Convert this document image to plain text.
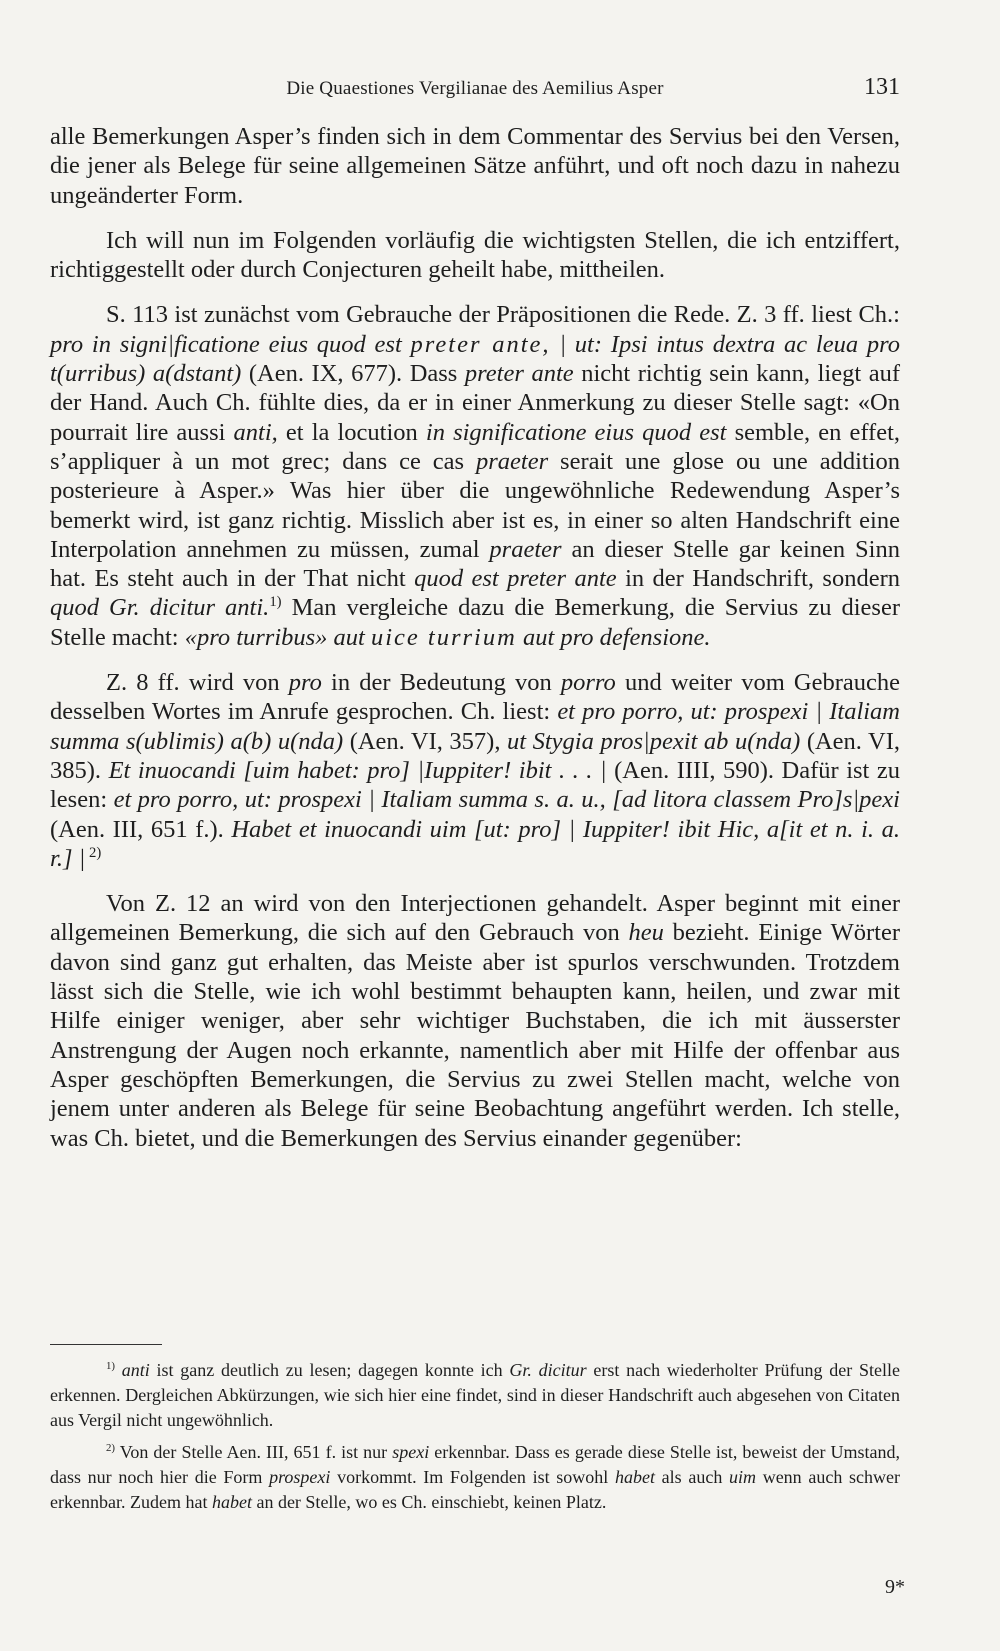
Die Quaestiones Vergilianae des Aemilius Asper	131

alle Bemerkungen Asper’s finden sich in dem Commentar des Servius bei den Versen, die jener als Belege für seine allgemeinen Sätze anführt, und oft noch dazu in nahezu ungeänderter Form.

Ich will nun im Folgenden vorläufig die wichtigsten Stellen, die ich entziffert, richtiggestellt oder durch Conjecturen geheilt habe, mittheilen.

S. 113 ist zunächst vom Gebrauche der Präpositionen die Rede. Z. 3 ff. liest Ch.: pro in signi|ficatione eius quod est preter ante, | ut: Ipsi intus dextra ac leua pro t(urribus) a(dstant) (Aen. IX, 677). Dass preter ante nicht richtig sein kann, liegt auf der Hand. Auch Ch. fühlte dies, da er in einer Anmerkung zu dieser Stelle sagt: «On pourrait lire aussi anti, et la locution in significatione eius quod est semble, en effet, s’appliquer à un mot grec; dans ce cas praeter serait une glose ou une addition posterieure à Asper.» Was hier über die ungewöhnliche Redewendung Asper’s bemerkt wird, ist ganz richtig. Misslich aber ist es, in einer so alten Handschrift eine Interpolation annehmen zu müssen, zumal praeter an dieser Stelle gar keinen Sinn hat. Es steht auch in der That nicht quod est preter ante in der Handschrift, sondern quod Gr. dicitur anti.$^{1)}$ Man vergleiche dazu die Bemerkung, die Servius zu dieser Stelle macht: «pro turribus» aut uice turrium aut pro defensione.

Z. 8 ff. wird von pro in der Bedeutung von porro und weiter vom Gebrauche desselben Wortes im Anrufe gesprochen. Ch. liest: et pro porro, ut: prospexi | Italiam summa s(ublimis) a(b) u(nda) (Aen. VI, 357), ut Stygia pros|pexit ab u(nda) (Aen. VI, 385). Et inuocandi [uim habet: pro] |Iuppiter! ibit . . . | (Aen. IIII, 590). Dafür ist zu lesen: et pro porro, ut: prospexi | Italiam summa s. a. u., [ad litora classem Pro]s|pexi (Aen. III, 651 f.). Habet et inuocandi uim [ut: pro] | Iuppiter! ibit Hic, a[it et n. i. a. r.] | $^{2)}$

Von Z. 12 an wird von den Interjectionen gehandelt. Asper beginnt mit einer allgemeinen Bemerkung, die sich auf den Gebrauch von heu bezieht. Einige Wörter davon sind ganz gut erhalten, das Meiste aber ist spurlos verschwunden. Trotzdem lässt sich die Stelle, wie ich wohl bestimmt behaupten kann, heilen, und zwar mit Hilfe einiger weniger, aber sehr wichtiger Buchstaben, die ich mit äusserster Anstrengung der Augen noch erkannte, namentlich aber mit Hilfe der offenbar aus Asper geschöpften Bemerkungen, die Servius zu zwei Stellen macht, welche von jenem unter anderen als Belege für seine Beobachtung angeführt werden. Ich stelle, was Ch. bietet, und die Bemerkungen des Servius einander gegenüber:

$^{1)}$ anti ist ganz deutlich zu lesen; dagegen konnte ich Gr. dicitur erst nach wiederholter Prüfung der Stelle erkennen. Dergleichen Abkürzungen, wie sich hier eine findet, sind in dieser Handschrift auch abgesehen von Citaten aus Vergil nicht ungewöhnlich.

$^{2)}$ Von der Stelle Aen. III, 651 f. ist nur spexi erkennbar. Dass es gerade diese Stelle ist, beweist der Umstand, dass nur noch hier die Form prospexi vorkommt. Im Folgenden ist sowohl habet als auch uim wenn auch schwer erkennbar. Zudem hat habet an der Stelle, wo es Ch. einschiebt, keinen Platz.

9*
